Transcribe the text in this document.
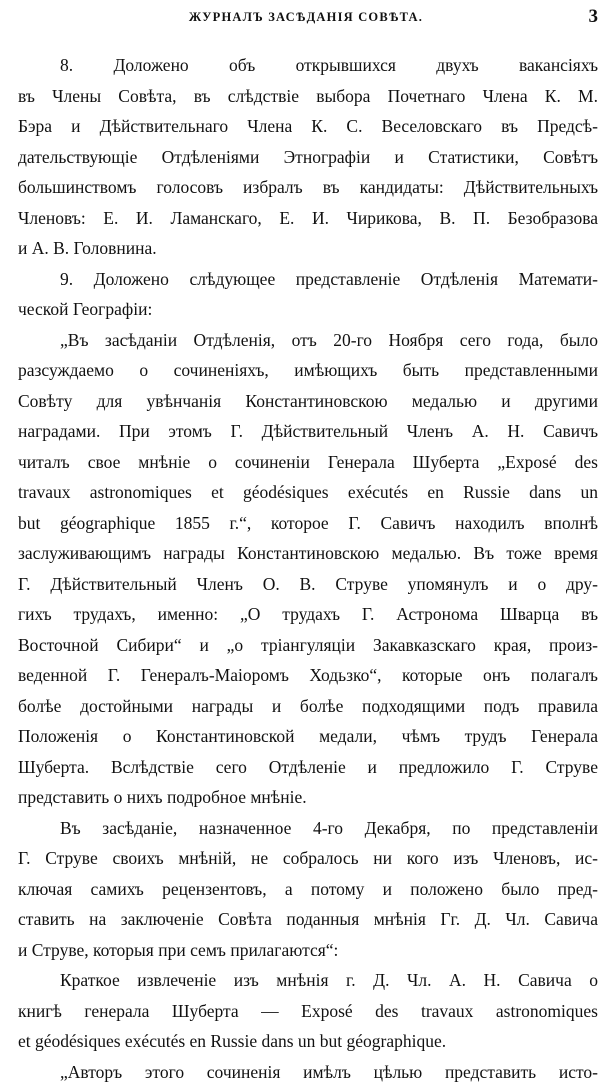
ЖУРНАЛЪ ЗАСѢДАНІЯ СОВѢТА.	3
8. Доложено объ открывшихся двухъ вакансіяхъ
въ Члены Совѣта, въ слѣдствіе выбора Почетнаго Члена К. М.
Бэра и Дѣйствительнаго Члена К. С. Веселовскаго въ Предсѣ-
дательствующіе Отдѣленіями Этнографіи и Статистики, Совѣтъ
большинствомъ голосовъ избралъ въ кандидаты: Дѣйствительныхъ
Членовъ: Е. И. Ламанскаго, Е. И. Чирикова, В. П. Безобразова
и А. В. Головнина.
9. Доложено слѣдующее представленіе Отдѣленія Математи-
ческой Географіи:
„Въ засѣданіи Отдѣленія, отъ 20-го Ноября сего года, было
разсуждаемо о сочиненіяхъ, имѣющихъ быть представленными
Совѣту для увѣнчанія Константиновскою медалью и другими
наградами. При этомъ Г. Дѣйствительный Членъ А. Н. Савичъ
читалъ свое мнѣніе о сочиненіи Генерала Шуберта „Exposé des
travaux astronomiques et géodésiques exécutés en Russie dans un
but géographique 1855 г.“, которое Г. Савичъ находилъ вполнѣ
заслуживающимъ награды Константиновскою медалью. Въ тоже время
Г. Дѣйствительный Членъ О. В. Струве упомянулъ и о дру-
гихъ трудахъ, именно: „О трудахъ Г. Астронома Шварца въ
Восточной Сибири“ и „о тріангуляціи Закавказскаго края, произ-
веденной Г. Генералъ-Маіоромъ Ходьзко“, которые онъ полагалъ
болѣе достойными награды и болѣе подходящими подъ правила
Положенія о Константиновской медали, чѣмъ трудъ Генерала
Шуберта. Вслѣдствіе сего Отдѣленіе и предложило Г. Струве
представить о нихъ подробное мнѣніе.
Въ засѣданіе, назначенное 4-го Декабря, по представленіи
Г. Струве своихъ мнѣній, не собралось ни кого изъ Членовъ, ис-
ключая самихъ рецензентовъ, а потому и положено было пред-
ставить на заключеніе Совѣта поданныя мнѣнія Гг. Д. Чл. Савича
и Струве, которыя при семъ прилагаются“:
Краткое извлеченіе изъ мнѣнія г. Д. Чл. А. Н. Савича о
книгѣ генерала Шуберта — Exposé des travaux astronomiques
et géodésiques exécutés en Russie dans un but géographique.
„Авторъ этого сочиненія имѣлъ цѣлью представить исто-
